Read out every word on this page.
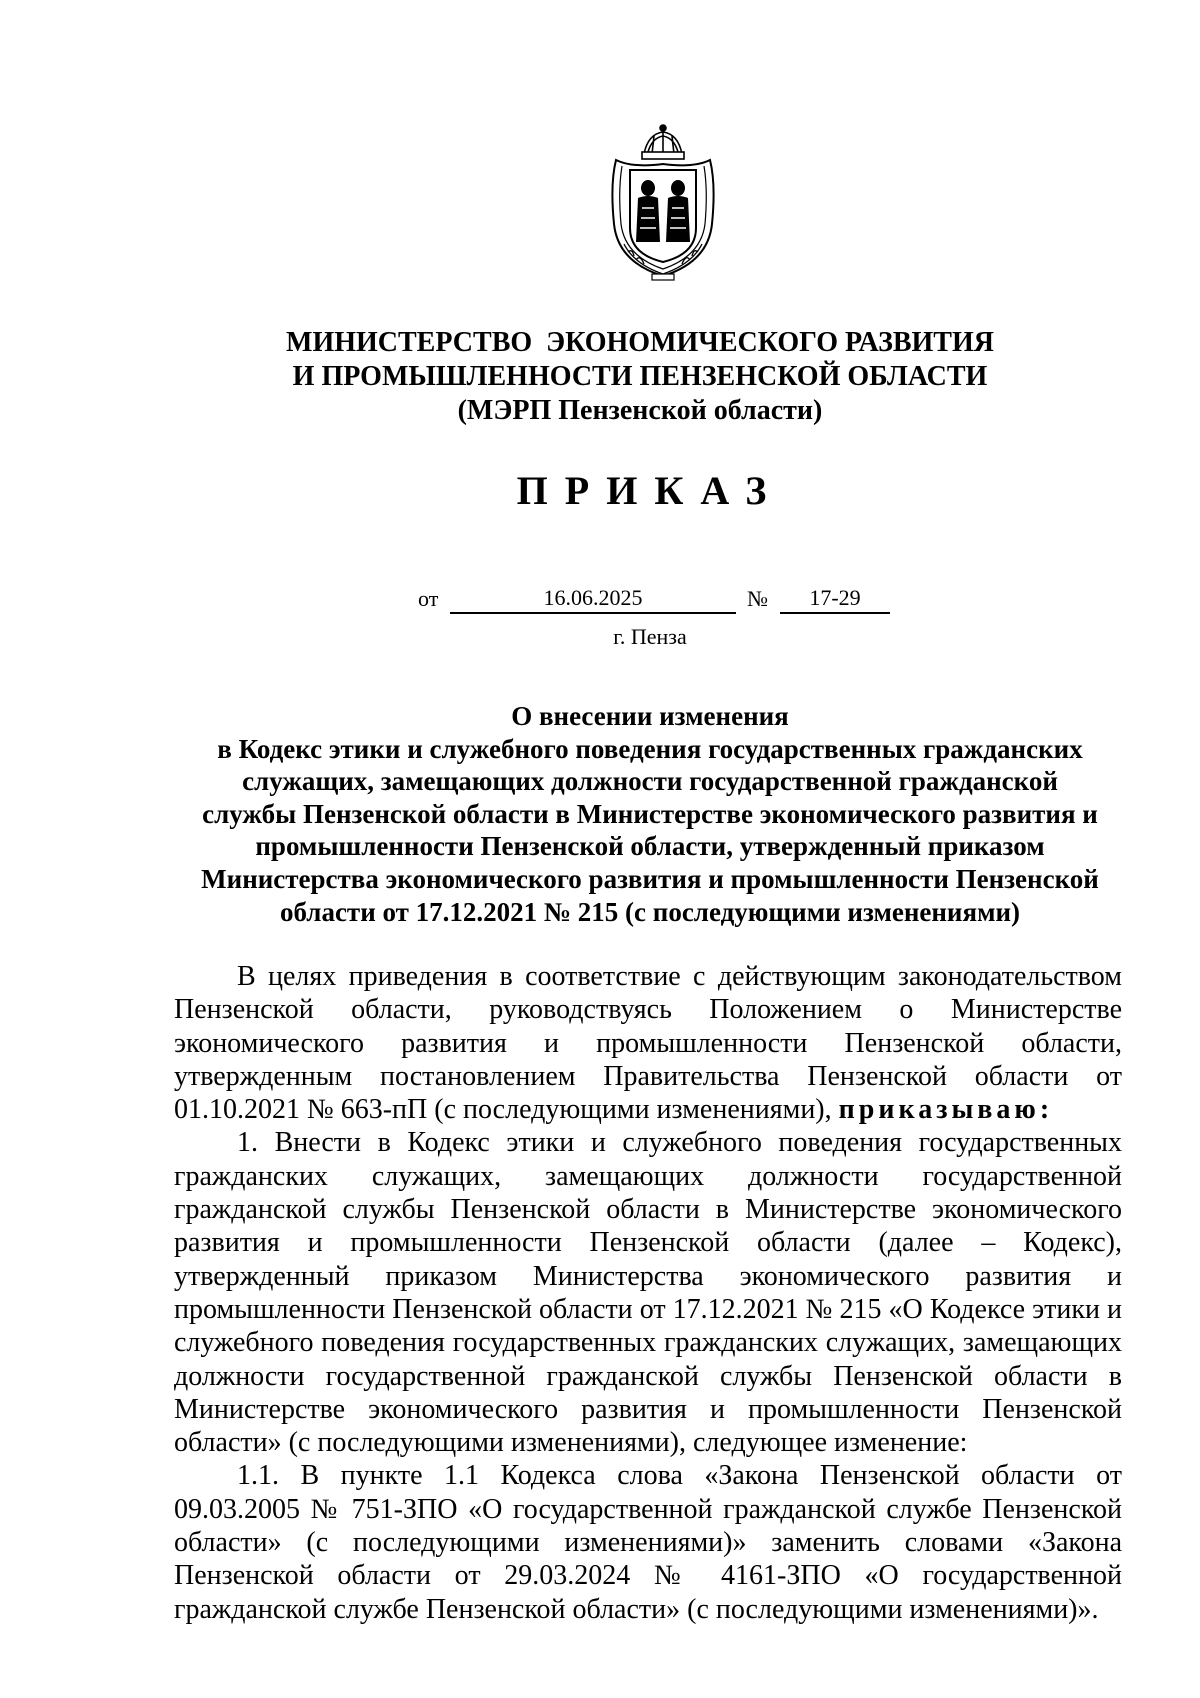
МИНИСТЕРСТВО  ЭКОНОМИЧЕСКОГО РАЗВИТИЯ
И ПРОМЫШЛЕННОСТИ ПЕНЗЕНСКОЙ ОБЛАСТИ
(МЭРП Пензенской области)
ПРИКАЗ
от	16.06.2025	№	17-29
г. Пенза
О внесении изменения
в Кодекс этики и служебного поведения государственных гражданских
служащих, замещающих должности государственной гражданской
службы Пензенской области в Министерстве экономического развития и
промышленности Пензенской области, утвержденный приказом
Министерства экономического развития и промышленности Пензенской
области от 17.12.2021 № 215 (с последующими изменениями)

В целях приведения в соответствие с действующим законодательством Пензенской области, руководствуясь Положением о Министерстве экономического развития и промышленности Пензенской области, утвержденным постановлением Правительства Пензенской области от 01.10.2021 № 663-пП (с последующими изменениями), приказываю:

1. Внести в Кодекс этики и служебного поведения государственных гражданских служащих, замещающих должности государственной гражданской службы Пензенской области в Министерстве экономического развития и промышленности Пензенской области (далее – Кодекс), утвержденный приказом Министерства экономического развития и промышленности Пензенской области от 17.12.2021 № 215 «О Кодексе этики и служебного поведения государственных гражданских служащих, замещающих должности государственной гражданской службы Пензенской области в Министерстве экономического развития и промышленности Пензенской области» (с последующими изменениями), следующее изменение:

1.1. В пункте 1.1 Кодекса слова «Закона Пензенской области от 09.03.2005 № 751-ЗПО «О государственной гражданской службе Пензенской области» (с последующими изменениями)» заменить словами «Закона Пензенской области от 29.03.2024 № 4161-ЗПО «О государственной гражданской службе Пензенской области» (с последующими изменениями)».
